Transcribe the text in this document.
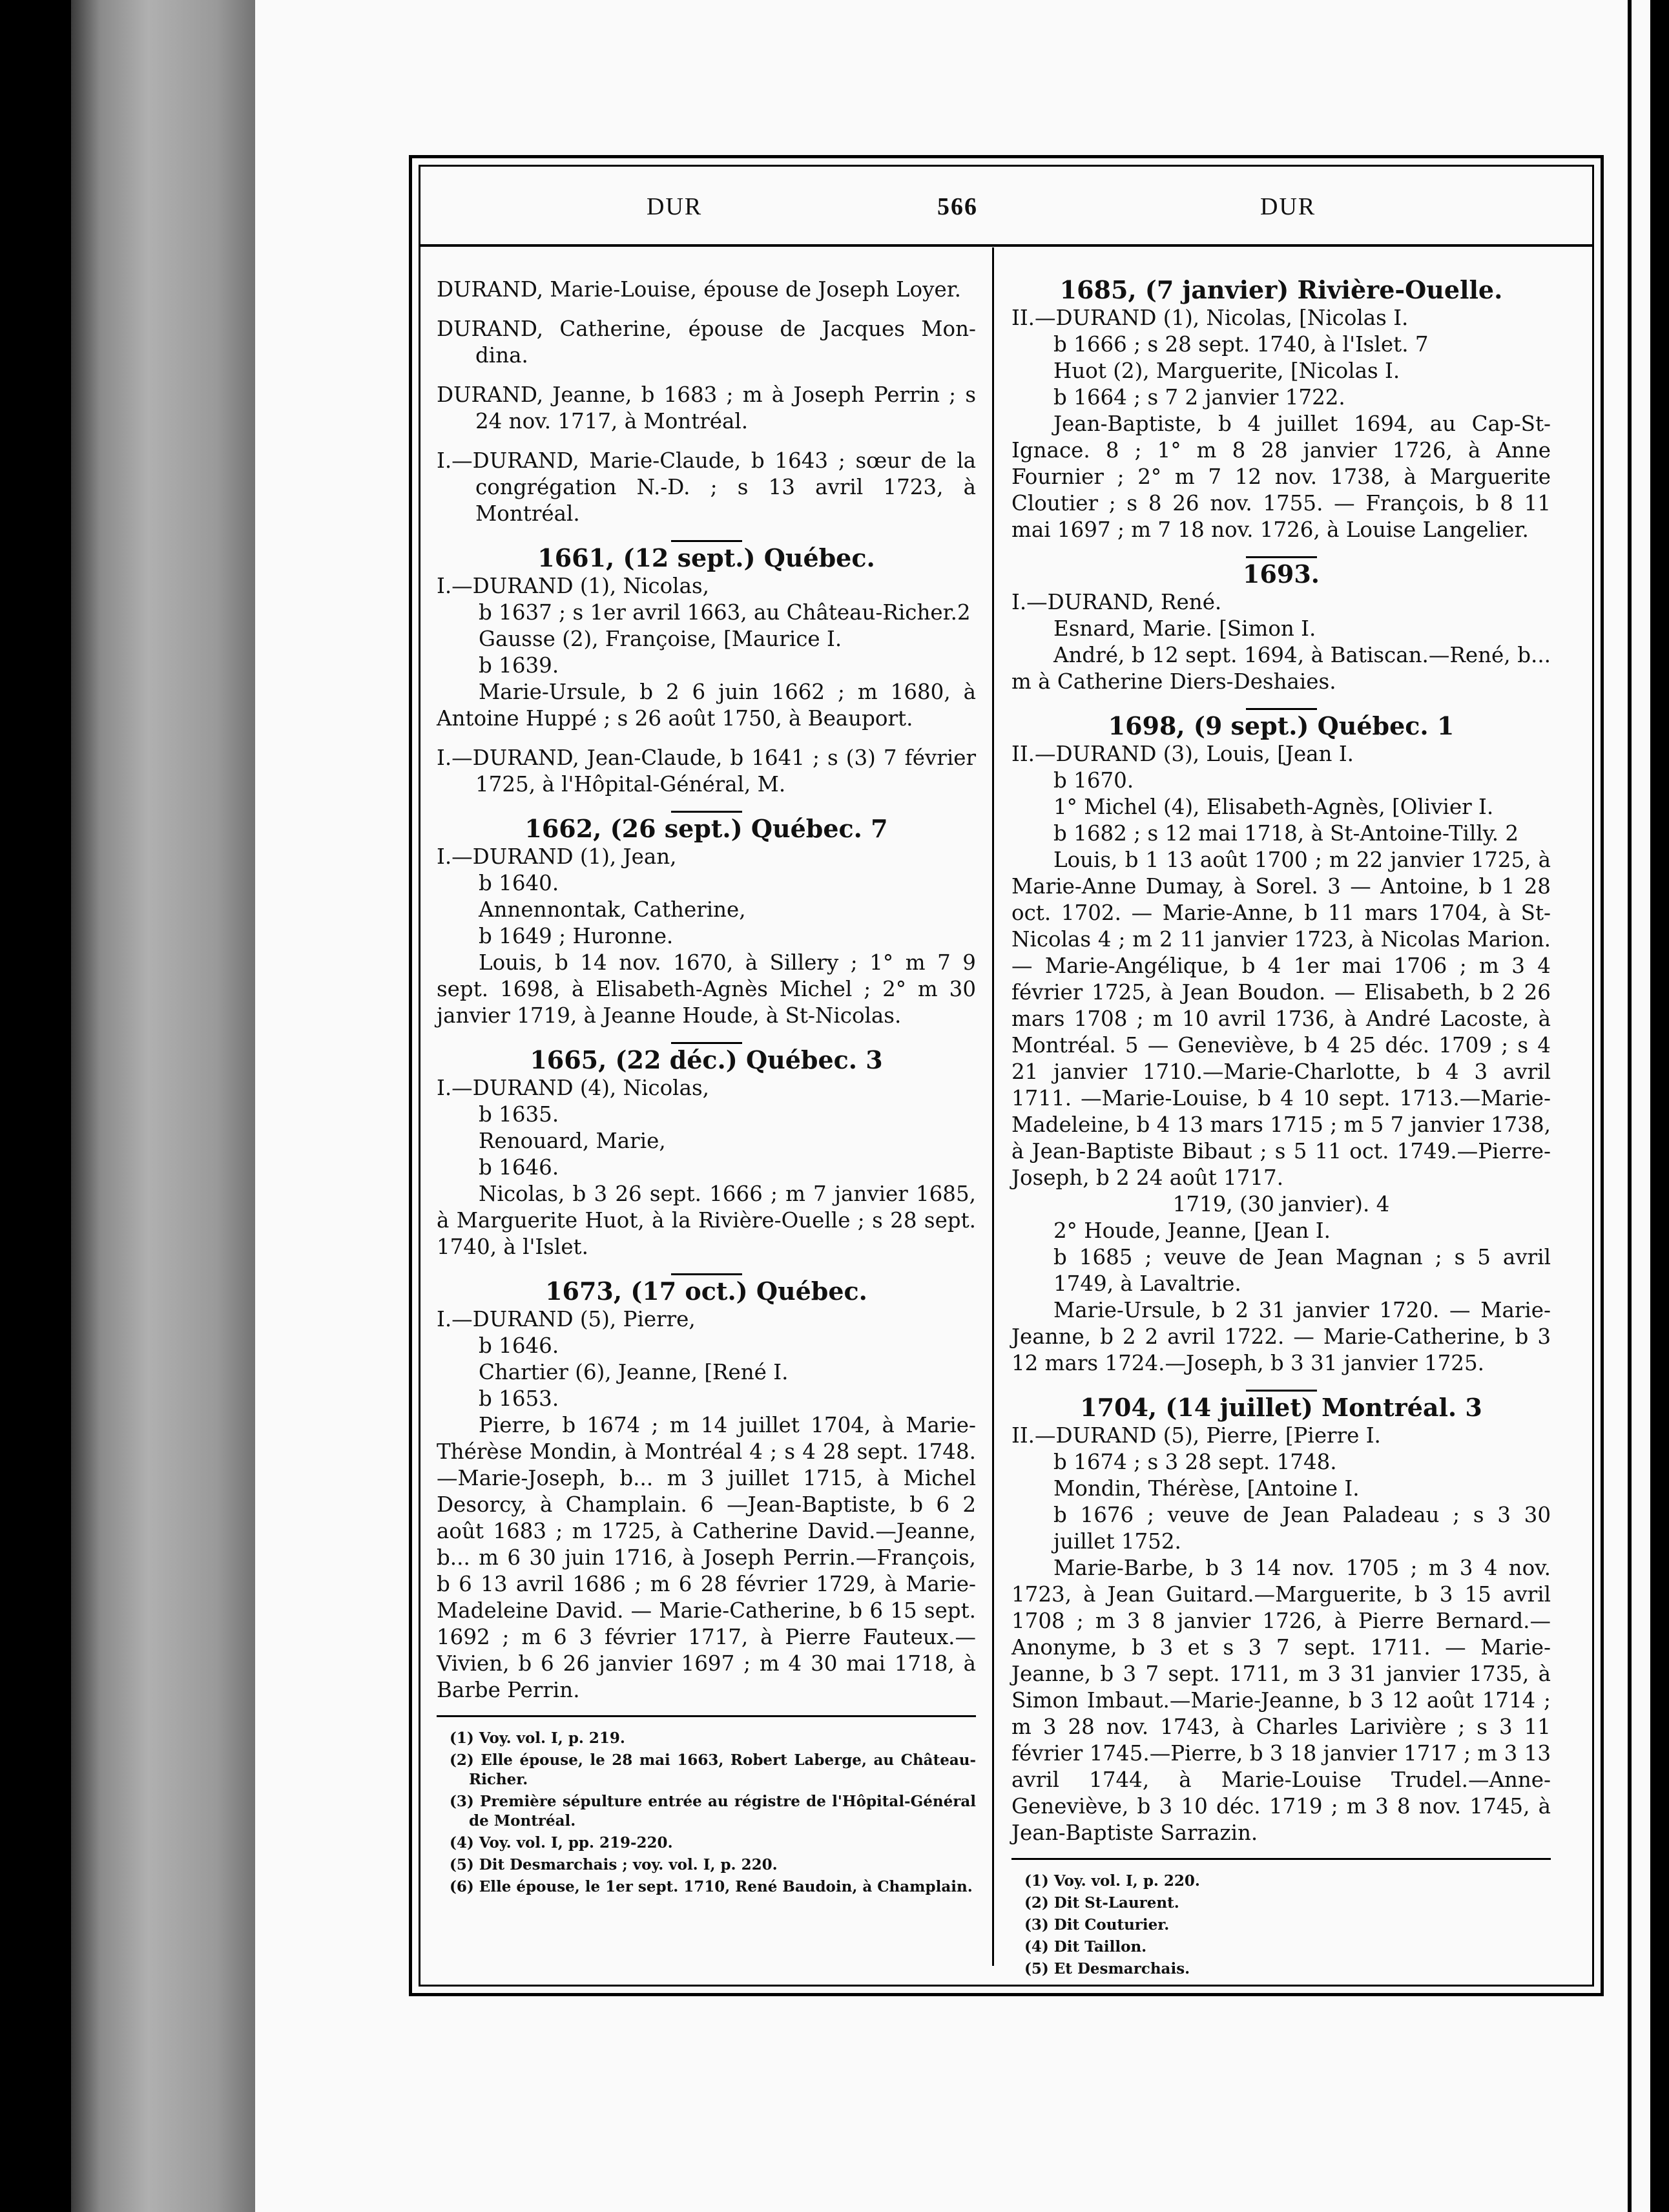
DUR	566	DUR
DURAND, Marie-Louise, épouse de Joseph Loyer.
DURAND, Catherine, épouse de Jacques Mon-dina.
DURAND, Jeanne, b 1683 ; m à Joseph Perrin ; s 24 nov. 1717, à Montréal.
I.—DURAND, Marie-Claude, b 1643 ; sœur de la congrégation N.-D. ; s 13 avril 1723, à Montréal.
1661, (12 sept.) Québec.
I.—DURAND (1), Nicolas,
b 1637 ; s 1er avril 1663, au Château-Richer.2
Gausse (2), Françoise, [Maurice I.
b 1639.
Marie-Ursule, b 2 6 juin 1662 ; m 1680, à Antoine Huppé ; s 26 août 1750, à Beauport.
I.—DURAND, Jean-Claude, b 1641 ; s (3) 7 février 1725, à l'Hôpital-Général, M.
1662, (26 sept.) Québec. 7
I.—DURAND (1), Jean,
b 1640.
Annennontak, Catherine,
b 1649 ; Huronne.
Louis, b 14 nov. 1670, à Sillery ; 1° m 7 9 sept. 1698, à Elisabeth-Agnès Michel ; 2° m 30 janvier 1719, à Jeanne Houde, à St-Nicolas.
1665, (22 déc.) Québec. 3
I.—DURAND (4), Nicolas,
b 1635.
Renouard, Marie,
b 1646.
Nicolas, b 3 26 sept. 1666 ; m 7 janvier 1685, à Marguerite Huot, à la Rivière-Ouelle ; s 28 sept. 1740, à l'Islet.
1673, (17 oct.) Québec.
I.—DURAND (5), Pierre,
b 1646.
Chartier (6), Jeanne, [René I.
b 1653.
Pierre, b 1674 ; m 14 juillet 1704, à Marie-Thérèse Mondin, à Montréal 4 ; s 4 28 sept. 1748. —Marie-Joseph, b... m 3 juillet 1715, à Michel Desorcy, à Champlain. 6 —Jean-Baptiste, b 6 2 août 1683 ; m 1725, à Catherine David.—Jeanne, b... m 6 30 juin 1716, à Joseph Perrin.—François, b 6 13 avril 1686 ; m 6 28 février 1729, à Marie-Madeleine David. — Marie-Catherine, b 6 15 sept. 1692 ; m 6 3 février 1717, à Pierre Fauteux.—Vivien, b 6 26 janvier 1697 ; m 4 30 mai 1718, à Barbe Perrin.
(1) Voy. vol. I, p. 219.
(2) Elle épouse, le 28 mai 1663, Robert Laberge, au Château-Richer.
(3) Première sépulture entrée au régistre de l'Hôpital-Général de Montréal.
(4) Voy. vol. I, pp. 219-220.
(5) Dit Desmarchais ; voy. vol. I, p. 220.
(6) Elle épouse, le 1er sept. 1710, René Baudoin, à Champlain.
1685, (7 janvier) Rivière-Ouelle.
II.—DURAND (1), Nicolas, [Nicolas I.
b 1666 ; s 28 sept. 1740, à l'Islet. 7
Huot (2), Marguerite, [Nicolas I.
b 1664 ; s 7 2 janvier 1722.
Jean-Baptiste, b 4 juillet 1694, au Cap-St-Ignace. 8 ; 1° m 8 28 janvier 1726, à Anne Fournier ; 2° m 7 12 nov. 1738, à Marguerite Cloutier ; s 8 26 nov. 1755. — François, b 8 11 mai 1697 ; m 7 18 nov. 1726, à Louise Langelier.
1693.
I.—DURAND, René.
Esnard, Marie. [Simon I.
André, b 12 sept. 1694, à Batiscan.—René, b... m à Catherine Diers-Deshaies.
1698, (9 sept.) Québec. 1
II.—DURAND (3), Louis, [Jean I.
b 1670.
1° Michel (4), Elisabeth-Agnès, [Olivier I.
b 1682 ; s 12 mai 1718, à St-Antoine-Tilly. 2
Louis, b 1 13 août 1700 ; m 22 janvier 1725, à Marie-Anne Dumay, à Sorel. 3 — Antoine, b 1 28 oct. 1702. — Marie-Anne, b 11 mars 1704, à St-Nicolas 4 ; m 2 11 janvier 1723, à Nicolas Marion. — Marie-Angélique, b 4 1er mai 1706 ; m 3 4 février 1725, à Jean Boudon. — Elisabeth, b 2 26 mars 1708 ; m 10 avril 1736, à André Lacoste, à Montréal. 5 — Geneviève, b 4 25 déc. 1709 ; s 4 21 janvier 1710.—Marie-Charlotte, b 4 3 avril 1711. —Marie-Louise, b 4 10 sept. 1713.—Marie-Madeleine, b 4 13 mars 1715 ; m 5 7 janvier 1738, à Jean-Baptiste Bibaut ; s 5 11 oct. 1749.—Pierre-Joseph, b 2 24 août 1717.
1719, (30 janvier). 4
2° Houde, Jeanne, [Jean I.
b 1685 ; veuve de Jean Magnan ; s 5 avril 1749, à Lavaltrie.
Marie-Ursule, b 2 31 janvier 1720. — Marie-Jeanne, b 2 2 avril 1722. — Marie-Catherine, b 3 12 mars 1724.—Joseph, b 3 31 janvier 1725.
1704, (14 juillet) Montréal. 3
II.—DURAND (5), Pierre, [Pierre I.
b 1674 ; s 3 28 sept. 1748.
Mondin, Thérèse, [Antoine I.
b 1676 ; veuve de Jean Paladeau ; s 3 30 juillet 1752.
Marie-Barbe, b 3 14 nov. 1705 ; m 3 4 nov. 1723, à Jean Guitard.—Marguerite, b 3 15 avril 1708 ; m 3 8 janvier 1726, à Pierre Bernard.—Anonyme, b 3 et s 3 7 sept. 1711. — Marie-Jeanne, b 3 7 sept. 1711, m 3 31 janvier 1735, à Simon Imbaut.—Marie-Jeanne, b 3 12 août 1714 ; m 3 28 nov. 1743, à Charles Larivière ; s 3 11 février 1745.—Pierre, b 3 18 janvier 1717 ; m 3 13 avril 1744, à Marie-Louise Trudel.—Anne-Geneviève, b 3 10 déc. 1719 ; m 3 8 nov. 1745, à Jean-Baptiste Sarrazin.
(1) Voy. vol. I, p. 220.
(2) Dit St-Laurent.
(3) Dit Couturier.
(4) Dit Taillon.
(5) Et Desmarchais.
